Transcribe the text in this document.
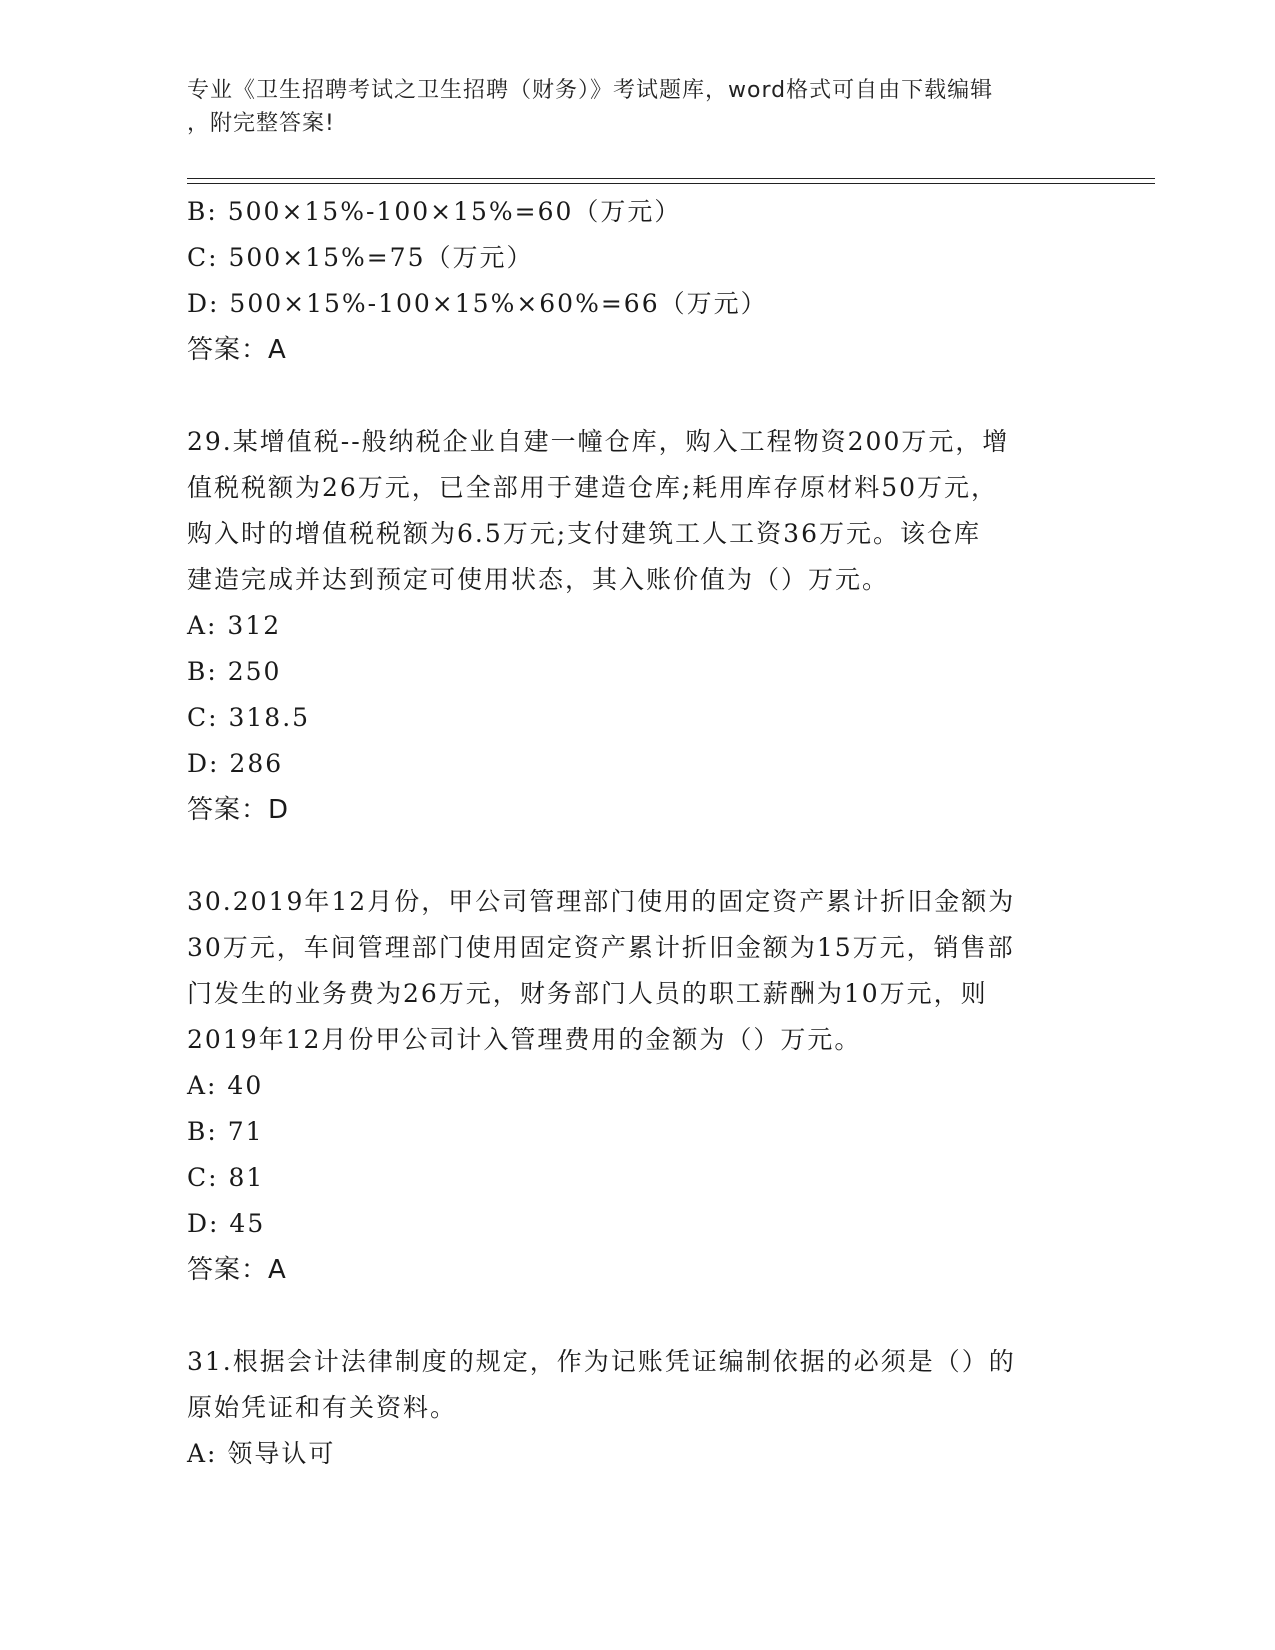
专业《卫生招聘考试之卫生招聘（财务）》考试题库，word格式可自由下载编辑
，附完整答案!
B: 500×15%-100×15%=60（万元）
C: 500×15%=75（万元）
D: 500×15%-100×15%×60%=66（万元）
答案：A
29.某增值税--般纳税企业自建一幢仓库，购入工程物资200万元，增
值税税额为26万元，已全部用于建造仓库;耗用库存原材料50万元，
购入时的增值税税额为6.5万元;支付建筑工人工资36万元。该仓库
建造完成并达到预定可使用状态，其入账价值为（）万元。
A: 312
B: 250
C: 318.5
D: 286
答案：D
30.2019年12月份，甲公司管理部门使用的固定资产累计折旧金额为
30万元，车间管理部门使用固定资产累计折旧金额为15万元，销售部
门发生的业务费为26万元，财务部门人员的职工薪酬为10万元，则
2019年12月份甲公司计入管理费用的金额为（）万元。
A: 40
B: 71
C: 81
D: 45
答案：A
31.根据会计法律制度的规定，作为记账凭证编制依据的必须是（）的
原始凭证和有关资料。
A: 领导认可
